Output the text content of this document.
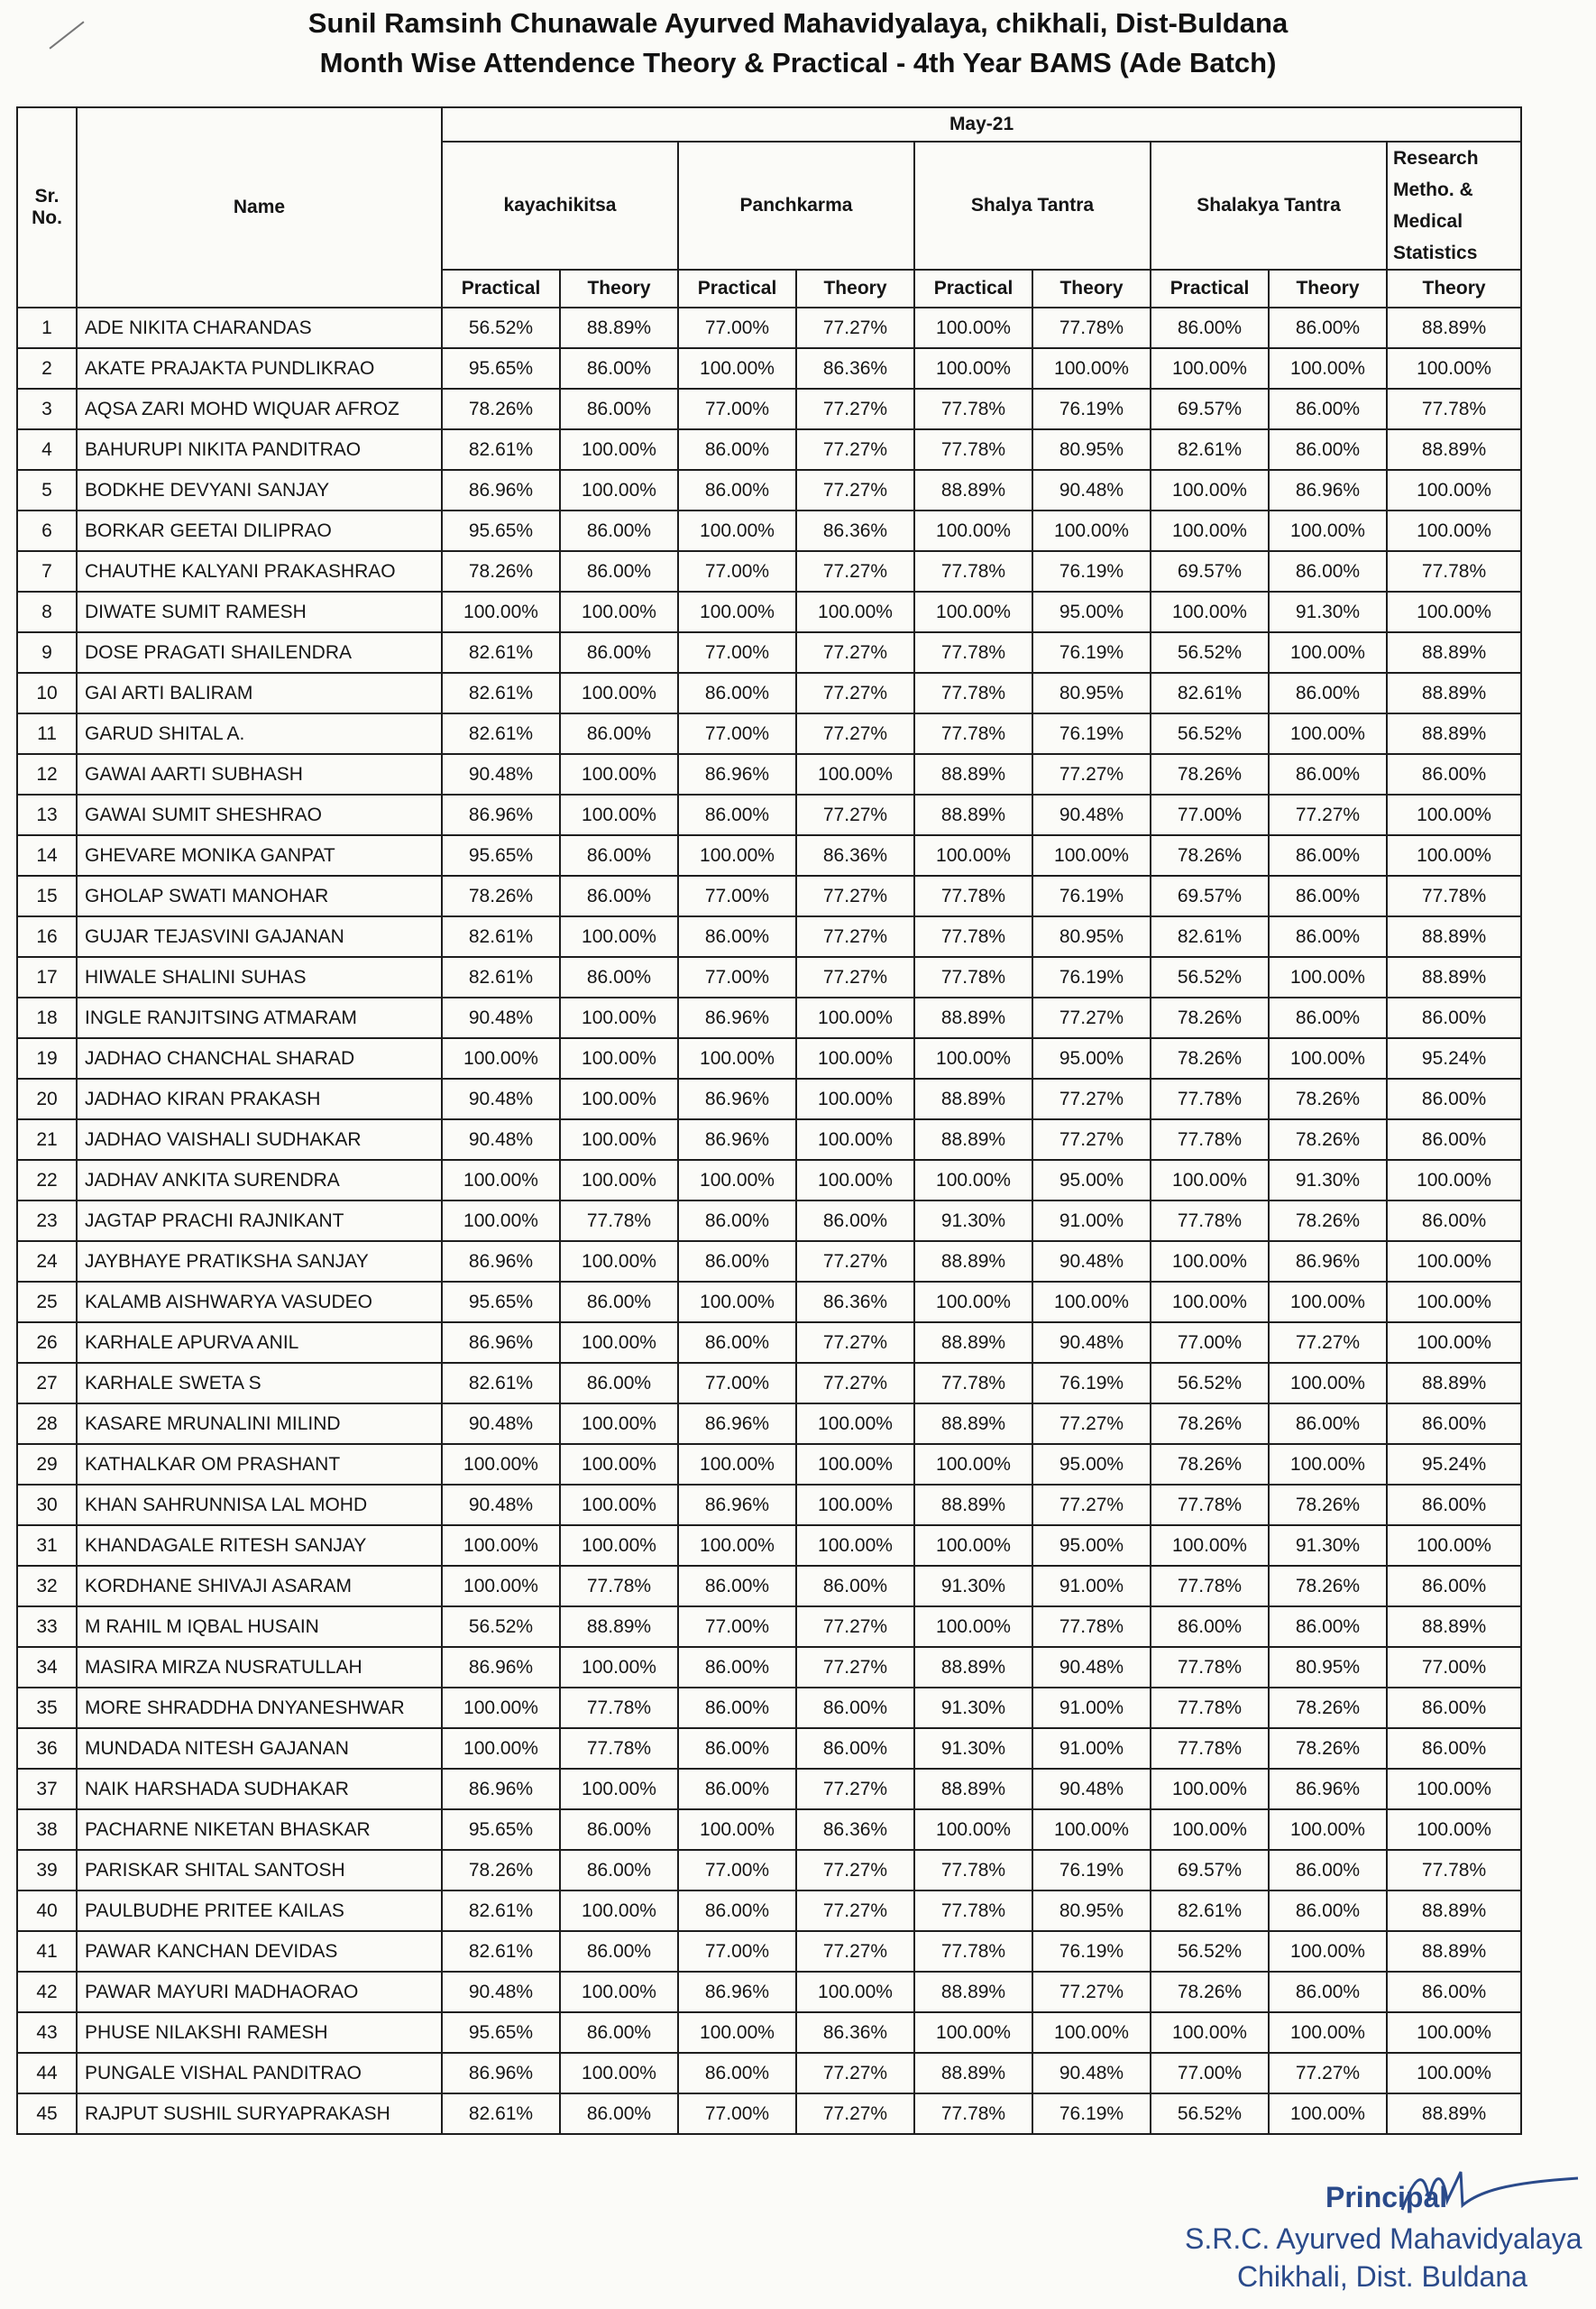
Sunil Ramsinh Chunawale Ayurved Mahavidyalaya, chikhali, Dist-Buldana
Month Wise Attendence Theory & Practical - 4th Year BAMS (Ade Batch)
Sr. No.	Name	May-21								
		kayachikitsa		Panchkarma		Shalya Tantra		Shalakya Tantra		Research Metho. & Medical Statistics
		Practical	Theory	Practical	Theory	Practical	Theory	Practical	Theory	Theory
1	ADE NIKITA CHARANDAS	56.52%	88.89%	77.00%	77.27%	100.00%	77.78%	86.00%	86.00%	88.89%
2	AKATE PRAJAKTA PUNDLIKRAO	95.65%	86.00%	100.00%	86.36%	100.00%	100.00%	100.00%	100.00%	100.00%
3	AQSA ZARI MOHD WIQUAR AFROZ	78.26%	86.00%	77.00%	77.27%	77.78%	76.19%	69.57%	86.00%	77.78%
4	BAHURUPI NIKITA PANDITRAO	82.61%	100.00%	86.00%	77.27%	77.78%	80.95%	82.61%	86.00%	88.89%
5	BODKHE DEVYANI SANJAY	86.96%	100.00%	86.00%	77.27%	88.89%	90.48%	100.00%	86.96%	100.00%
6	BORKAR GEETAI DILIPRAO	95.65%	86.00%	100.00%	86.36%	100.00%	100.00%	100.00%	100.00%	100.00%
7	CHAUTHE KALYANI PRAKASHRAO	78.26%	86.00%	77.00%	77.27%	77.78%	76.19%	69.57%	86.00%	77.78%
8	DIWATE SUMIT RAMESH	100.00%	100.00%	100.00%	100.00%	100.00%	95.00%	100.00%	91.30%	100.00%
9	DOSE PRAGATI SHAILENDRA	82.61%	86.00%	77.00%	77.27%	77.78%	76.19%	56.52%	100.00%	88.89%
10	GAI ARTI BALIRAM	82.61%	100.00%	86.00%	77.27%	77.78%	80.95%	82.61%	86.00%	88.89%
11	GARUD SHITAL A.	82.61%	86.00%	77.00%	77.27%	77.78%	76.19%	56.52%	100.00%	88.89%
12	GAWAI AARTI SUBHASH	90.48%	100.00%	86.96%	100.00%	88.89%	77.27%	78.26%	86.00%	86.00%
13	GAWAI SUMIT SHESHRAO	86.96%	100.00%	86.00%	77.27%	88.89%	90.48%	77.00%	77.27%	100.00%
14	GHEVARE MONIKA GANPAT	95.65%	86.00%	100.00%	86.36%	100.00%	100.00%	78.26%	86.00%	100.00%
15	GHOLAP SWATI MANOHAR	78.26%	86.00%	77.00%	77.27%	77.78%	76.19%	69.57%	86.00%	77.78%
16	GUJAR TEJASVINI GAJANAN	82.61%	100.00%	86.00%	77.27%	77.78%	80.95%	82.61%	86.00%	88.89%
17	HIWALE SHALINI SUHAS	82.61%	86.00%	77.00%	77.27%	77.78%	76.19%	56.52%	100.00%	88.89%
18	INGLE RANJITSING ATMARAM	90.48%	100.00%	86.96%	100.00%	88.89%	77.27%	78.26%	86.00%	86.00%
19	JADHAO CHANCHAL SHARAD	100.00%	100.00%	100.00%	100.00%	100.00%	95.00%	78.26%	100.00%	95.24%
20	JADHAO KIRAN PRAKASH	90.48%	100.00%	86.96%	100.00%	88.89%	77.27%	77.78%	78.26%	86.00%
21	JADHAO VAISHALI SUDHAKAR	90.48%	100.00%	86.96%	100.00%	88.89%	77.27%	77.78%	78.26%	86.00%
22	JADHAV ANKITA SURENDRA	100.00%	100.00%	100.00%	100.00%	100.00%	95.00%	100.00%	91.30%	100.00%
23	JAGTAP PRACHI RAJNIKANT	100.00%	77.78%	86.00%	86.00%	91.30%	91.00%	77.78%	78.26%	86.00%
24	JAYBHAYE PRATIKSHA SANJAY	86.96%	100.00%	86.00%	77.27%	88.89%	90.48%	100.00%	86.96%	100.00%
25	KALAMB AISHWARYA VASUDEO	95.65%	86.00%	100.00%	86.36%	100.00%	100.00%	100.00%	100.00%	100.00%
26	KARHALE APURVA ANIL	86.96%	100.00%	86.00%	77.27%	88.89%	90.48%	77.00%	77.27%	100.00%
27	KARHALE SWETA S	82.61%	86.00%	77.00%	77.27%	77.78%	76.19%	56.52%	100.00%	88.89%
28	KASARE MRUNALINI MILIND	90.48%	100.00%	86.96%	100.00%	88.89%	77.27%	78.26%	86.00%	86.00%
29	KATHALKAR OM PRASHANT	100.00%	100.00%	100.00%	100.00%	100.00%	95.00%	78.26%	100.00%	95.24%
30	KHAN SAHRUNNISA LAL MOHD	90.48%	100.00%	86.96%	100.00%	88.89%	77.27%	77.78%	78.26%	86.00%
31	KHANDAGALE RITESH SANJAY	100.00%	100.00%	100.00%	100.00%	100.00%	95.00%	100.00%	91.30%	100.00%
32	KORDHANE SHIVAJI ASARAM	100.00%	77.78%	86.00%	86.00%	91.30%	91.00%	77.78%	78.26%	86.00%
33	M RAHIL M IQBAL HUSAIN	56.52%	88.89%	77.00%	77.27%	100.00%	77.78%	86.00%	86.00%	88.89%
34	MASIRA MIRZA NUSRATULLAH	86.96%	100.00%	86.00%	77.27%	88.89%	90.48%	77.78%	80.95%	77.00%
35	MORE SHRADDHA DNYANESHWAR	100.00%	77.78%	86.00%	86.00%	91.30%	91.00%	77.78%	78.26%	86.00%
36	MUNDADA NITESH GAJANAN	100.00%	77.78%	86.00%	86.00%	91.30%	91.00%	77.78%	78.26%	86.00%
37	NAIK HARSHADA SUDHAKAR	86.96%	100.00%	86.00%	77.27%	88.89%	90.48%	100.00%	86.96%	100.00%
38	PACHARNE NIKETAN BHASKAR	95.65%	86.00%	100.00%	86.36%	100.00%	100.00%	100.00%	100.00%	100.00%
39	PARISKAR SHITAL SANTOSH	78.26%	86.00%	77.00%	77.27%	77.78%	76.19%	69.57%	86.00%	77.78%
40	PAULBUDHE PRITEE KAILAS	82.61%	100.00%	86.00%	77.27%	77.78%	80.95%	82.61%	86.00%	88.89%
41	PAWAR KANCHAN DEVIDAS	82.61%	86.00%	77.00%	77.27%	77.78%	76.19%	56.52%	100.00%	88.89%
42	PAWAR MAYURI MADHAORAO	90.48%	100.00%	86.96%	100.00%	88.89%	77.27%	78.26%	86.00%	86.00%
43	PHUSE NILAKSHI RAMESH	95.65%	86.00%	100.00%	86.36%	100.00%	100.00%	100.00%	100.00%	100.00%
44	PUNGALE VISHAL PANDITRAO	86.96%	100.00%	86.00%	77.27%	88.89%	90.48%	77.00%	77.27%	100.00%
45	RAJPUT SUSHIL SURYAPRAKASH	82.61%	86.00%	77.00%	77.27%	77.78%	76.19%	56.52%	100.00%	88.89%
Principal
S.R.C. Ayurved Mahavidyalaya
Chikhali, Dist. Buldana
